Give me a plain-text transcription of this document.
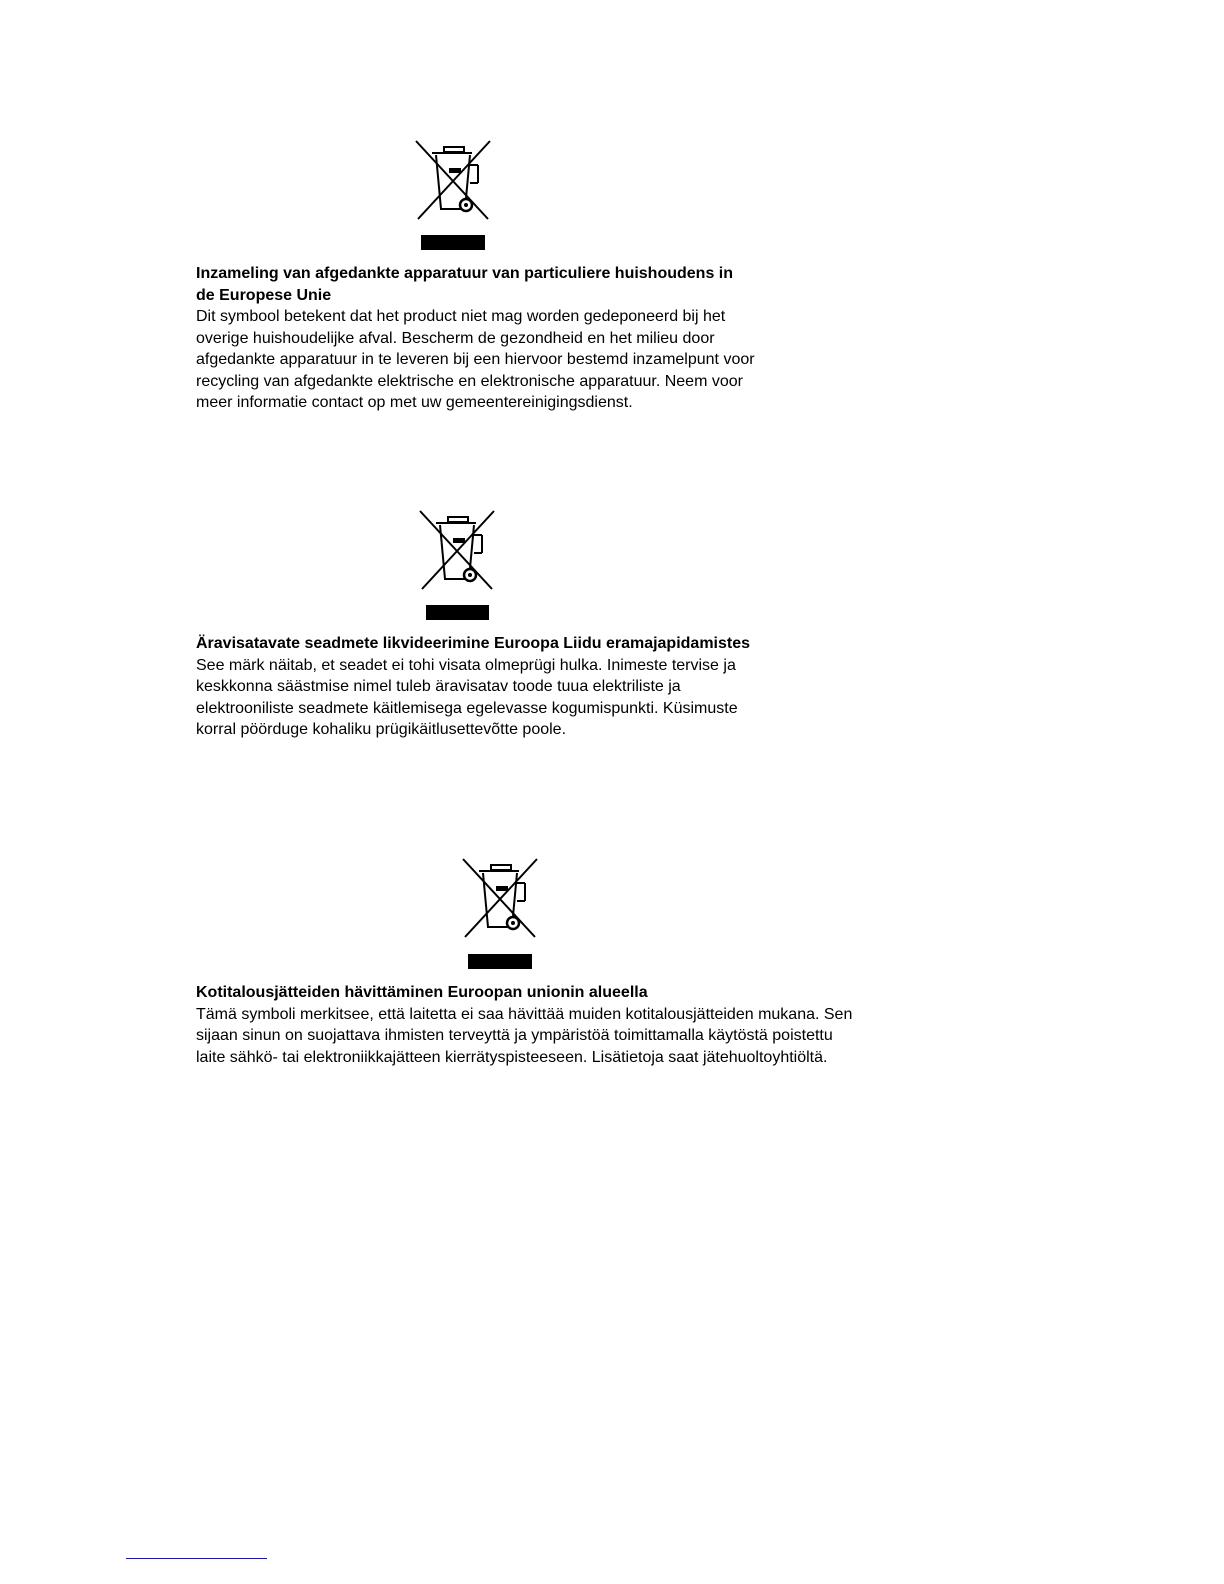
Inzameling van afgedankte apparatuur van particuliere huishoudens in de Europese Unie

Dit symbool betekent dat het product niet mag worden gedeponeerd bij het overige huishoudelijke afval. Bescherm de gezondheid en het milieu door afgedankte apparatuur in te leveren bij een hiervoor bestemd inzamelpunt voor recycling van afgedankte elektrische en elektronische apparatuur. Neem voor meer informatie contact op met uw gemeentereinigingsdienst.

Äravisatavate seadmete likvideerimine Euroopa Liidu eramajapidamistes

See märk näitab, et seadet ei tohi visata olmeprügi hulka. Inimeste tervise ja keskkonna säästmise nimel tuleb äravisatav toode tuua elektriliste ja elektrooniliste seadmete käitlemisega egelevasse kogumispunkti. Küsimuste korral pöörduge kohaliku prügikäitlusettevõtte poole.

Kotitalousjätteiden hävittäminen Euroopan unionin alueella

Tämä symboli merkitsee, että laitetta ei saa hävittää muiden kotitalousjätteiden mukana. Sen sijaan sinun on suojattava ihmisten terveyttä ja ympäristöä toimittamalla käytöstä poistettu laite sähkö- tai elektroniikkajätteen kierrätyspisteeseen. Lisätietoja saat jätehuoltoyhtiöltä.
